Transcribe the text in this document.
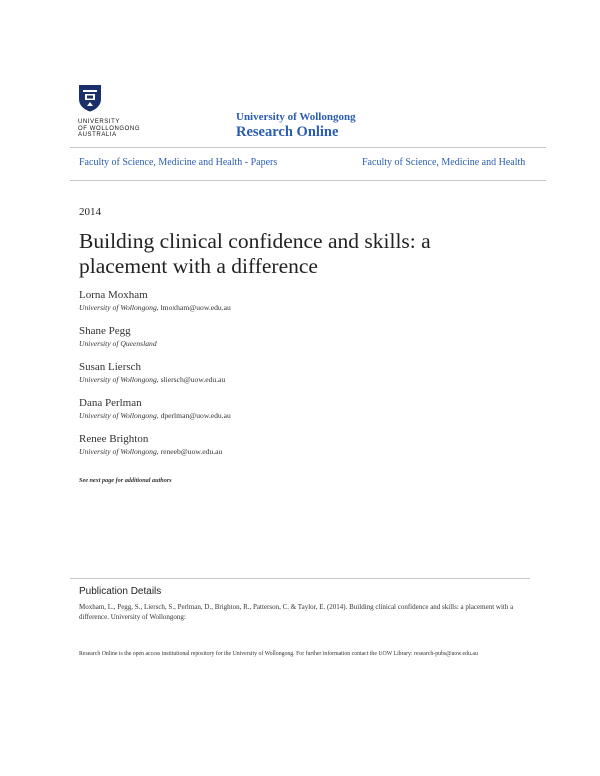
UNIVERSITY
OF WOLLONGONG
AUSTRALIA
University of Wollongong
Research Online
Faculty of Science, Medicine and Health - Papers	Faculty of Science, Medicine and Health
2014
Building clinical confidence and skills: a placement with a difference
Lorna Moxham
University of Wollongong, lmoxham@uow.edu.au
Shane Pegg
University of Queensland
Susan Liersch
University of Wollongong, sliersch@uow.edu.au
Dana Perlman
University of Wollongong, dperlman@uow.edu.au
Renee Brighton
University of Wollongong, reneeb@uow.edu.au
See next page for additional authors
Publication Details
Moxham, L., Pegg, S., Liersch, S., Perlman, D., Brighton, R., Patterson, C. & Taylor, E. (2014). Building clinical confidence and skills: a placement with a difference. University of Wollongong:
Research Online is the open access institutional repository for the University of Wollongong. For further information contact the UOW Library: research-pubs@uow.edu.au
